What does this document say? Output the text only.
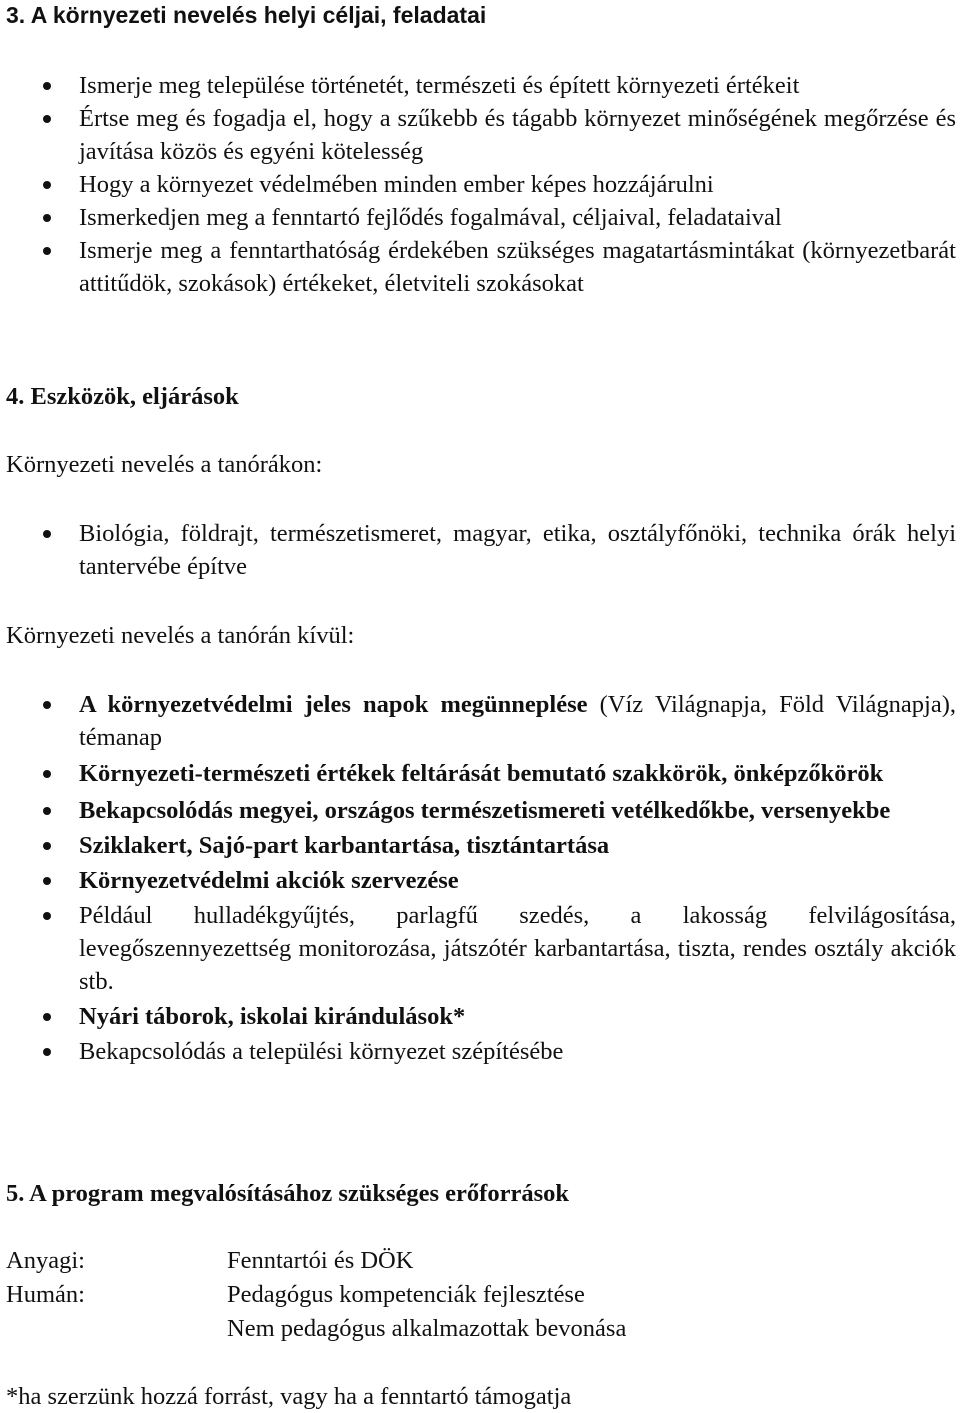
3. A környezeti nevelés helyi céljai, feladatai
Ismerje meg települése történetét, természeti és épített környezeti értékeit
Értse meg és fogadja el, hogy a szűkebb és tágabb környezet minőségének megőrzése és javítása közös és egyéni kötelesség
Hogy a környezet védelmében minden ember képes hozzájárulni
Ismerkedjen meg a fenntartó fejlődés fogalmával, céljaival, feladataival
Ismerje meg a fenntarthatóság érdekében szükséges magatartásmintákat (környezetbarát attitűdök, szokások) értékeket, életviteli szokásokat
4. Eszközök, eljárások
Környezeti nevelés a tanórákon:
Biológia, földrajt, természetismeret, magyar, etika, osztályfőnöki, technika órák helyi tantervébe építve
Környezeti nevelés a tanórán kívül:
A környezetvédelmi jeles napok megünneplése (Víz Világnapja, Föld Világnapja), témanap
Környezeti-természeti értékek feltárását bemutató szakkörök, önképzőkörök
Bekapcsolódás megyei, országos természetismereti vetélkedőkbe, versenyekbe
Sziklakert, Sajó-part karbantartása, tisztántartása
Környezetvédelmi akciók szervezése
Például hulladékgyűjtés, parlagfű szedés, a lakosság felvilágosítása, levegőszennyezettség monitorozása, játszótér karbantartása, tiszta, rendes osztály akciók stb.
Nyári táborok, iskolai kirándulások*
Bekapcsolódás a települési környezet szépítésébe
5. A program megvalósításához szükséges erőforrások
Anyagi:	Fenntartói és DÖK
Humán:	Pedagógus kompetenciák fejlesztése
Nem pedagógus alkalmazottak bevonása
*ha szerzünk hozzá forrást, vagy ha a fenntartó támogatja
